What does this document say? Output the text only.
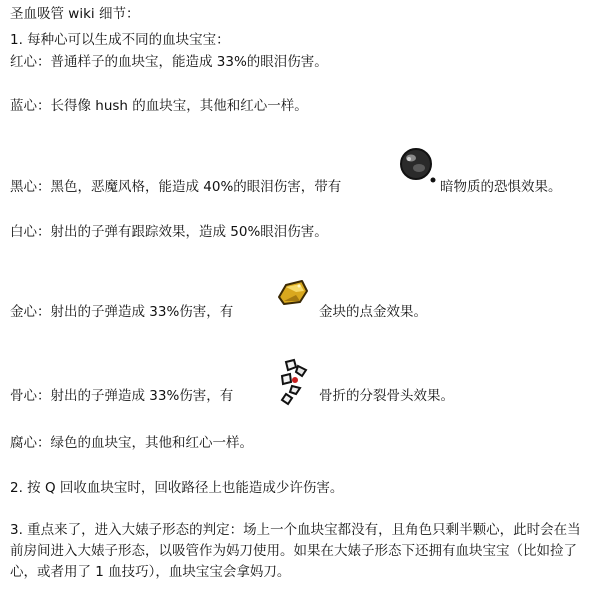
圣血吸管 wiki 细节：
1. 每种心可以生成不同的血块宝宝：
红心：普通样子的血块宝，能造成 33%的眼泪伤害。
蓝心：长得像 hush 的血块宝，其他和红心一样。
黑心：黑色，恶魔风格，能造成 40%的眼泪伤害，带有	暗物质的恐惧效果。
白心：射出的子弹有跟踪效果，造成 50%眼泪伤害。
金心：射出的子弹造成 33%伤害，有	金块的点金效果。
骨心：射出的子弹造成 33%伤害，有	骨折的分裂骨头效果。
腐心：绿色的血块宝，其他和红心一样。
2. 按 Q 回收血块宝时，回收路径上也能造成少许伤害。
3. 重点来了，进入大婊子形态的判定：场上一个血块宝都没有，且角色只剩半颗心，此时会在当前房间进入大婊子形态，以吸管作为妈刀使用。如果在大婊子形态下还拥有血块宝宝（比如捡了心，或者用了 1 血技巧），血块宝宝会拿妈刀。
